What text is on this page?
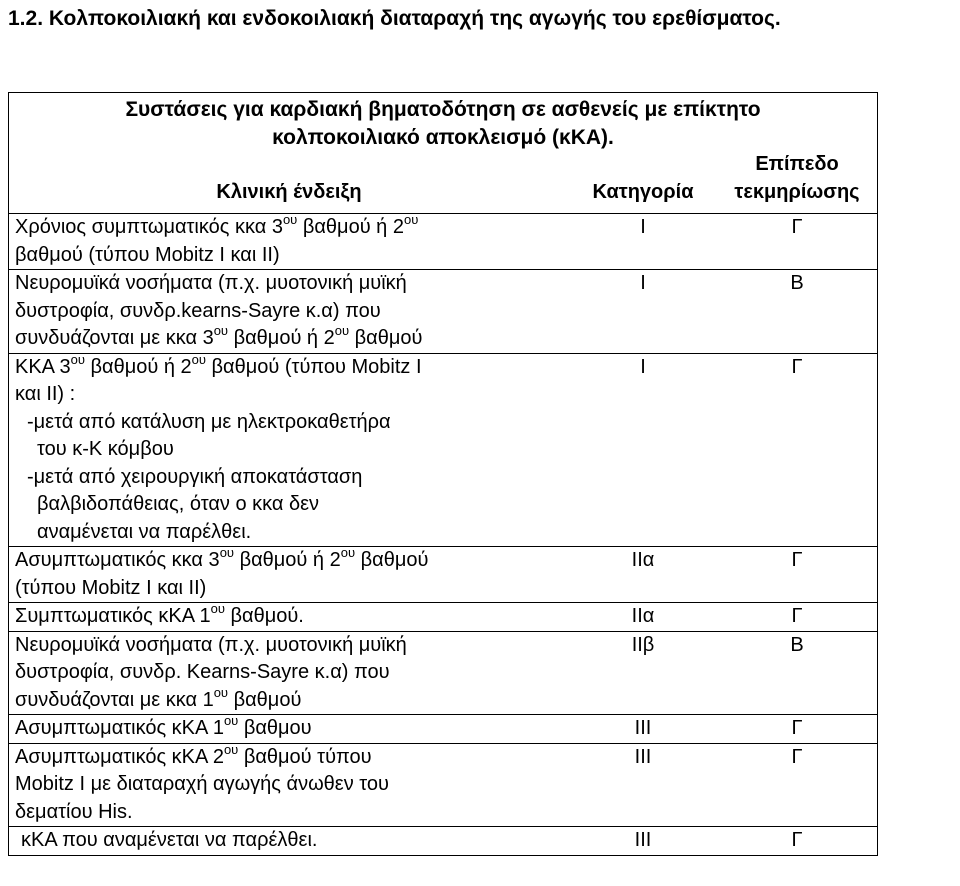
1.2. Κολποκοιλιακή και ενδοκοιλιακή διαταραχή της αγωγής του ερεθίσματος.
Συστάσεις για καρδιακή βηματοδότηση σε ασθενείς με επίκτητο
κολποκοιλιακό αποκλεισμό (κΚΑ).
Κλινική ένδειξη	Κατηγορία
Επίπεδο
τεκμηρίωσης
Χρόνιος συμπτωματικός κκα $3^{o\upsilon}$ βαθμού ή $2^{o\upsilon}$
βαθμού (τύπου Mobitz I και II)
I	Γ
Νευρομυϊκά νοσήματα (π.χ. μυοτονική μυϊκή
δυστροφία, συνδρ.kearns-Sayre κ.α) που
συνδυάζονται με κκα $3^{o\upsilon}$ βαθμού ή $2^{o\upsilon}$ βαθμού
I	Β
ΚΚΑ $3^{o\upsilon}$ βαθμού ή $2^{o\upsilon}$ βαθμού (τύπου Mobitz I
και II) :
-μετά από κατάλυση με ηλεκτροκαθετήρα
του κ-Κ κόμβου
-μετά από χειρουργική αποκατάσταση
βαλβιδοπάθειας, όταν ο κκα δεν
αναμένεται να παρέλθει.
I	Γ
Ασυμπτωματικός κκα $3^{o\upsilon}$ βαθμού ή $2^{o\upsilon}$ βαθμού
(τύπου Mobitz I και II)
IIα	Γ
Συμπτωματικός κΚΑ $1^{o\upsilon}$ βαθμού.	IIα	Γ
Νευρομυϊκά νοσήματα (π.χ. μυοτονική μυϊκή
δυστροφία, συνδρ. Kearns-Sayre κ.α) που
συνδυάζονται με κκα $1^{o\upsilon}$ βαθμού
IIβ	Β
Ασυμπτωματικός κΚΑ $1^{o\upsilon}$ βαθμου	III	Γ
Ασυμπτωματικός κΚΑ $2^{o\upsilon}$ βαθμού τύπου
Mobitz I με διαταραχή αγωγής άνωθεν του
δεματίου His.
III	Γ
κΚΑ που αναμένεται να παρέλθει.	III	Γ
